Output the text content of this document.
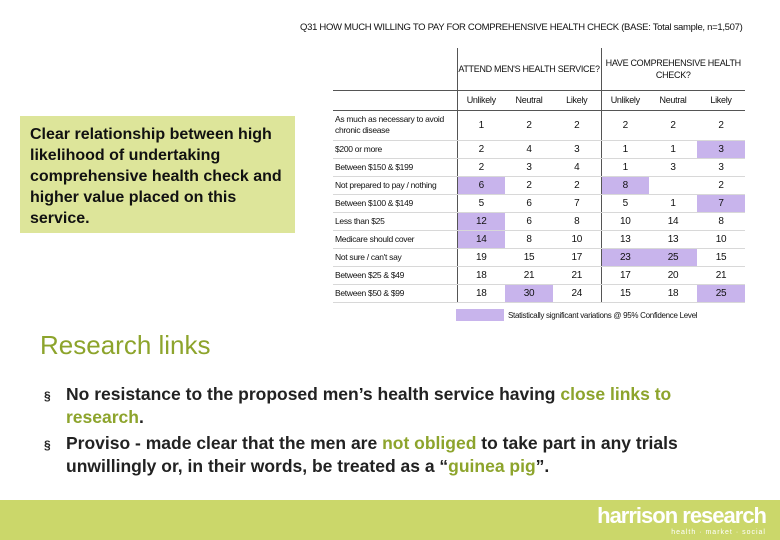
Clear relationship between high likelihood of undertaking comprehensive health check and higher value placed on this service.
Q31 HOW MUCH WILLING TO PAY FOR COMPREHENSIVE HEALTH CHECK (BASE: Total sample, n=1,507)
	ATTEND MEN'S HEALTH SERVICE?			HAVE COMPREHENSIVE HEALTH CHECK?		
	Unlikely	Neutral	Likely	Unlikely	Neutral	Likely
As much as necessary to avoid chronic disease	1	2	2	2	2	2
$200 or more	2	4	3	1	1	3
Between $150 & $199	2	3	4	1	3	3
Not prepared to pay / nothing	6	2	2	8		2
Between $100 & $149	5	6	7	5	1	7
Less than $25	12	6	8	10	14	8
Medicare should cover	14	8	10	13	13	10
Not sure / can't say	19	15	17	23	25	15
Between $25 & $49	18	21	21	17	20	21
Between $50 & $99	18	30	24	15	18	25
Statistically significant variations @ 95% Confidence Level
Research links
§ No resistance to the proposed men’s health service having close links to research.
§ Proviso - made clear that the men are not obliged to take part in any trials unwillingly or, in their words, be treated as a “guinea pig”.
harrison research
health · market · social
